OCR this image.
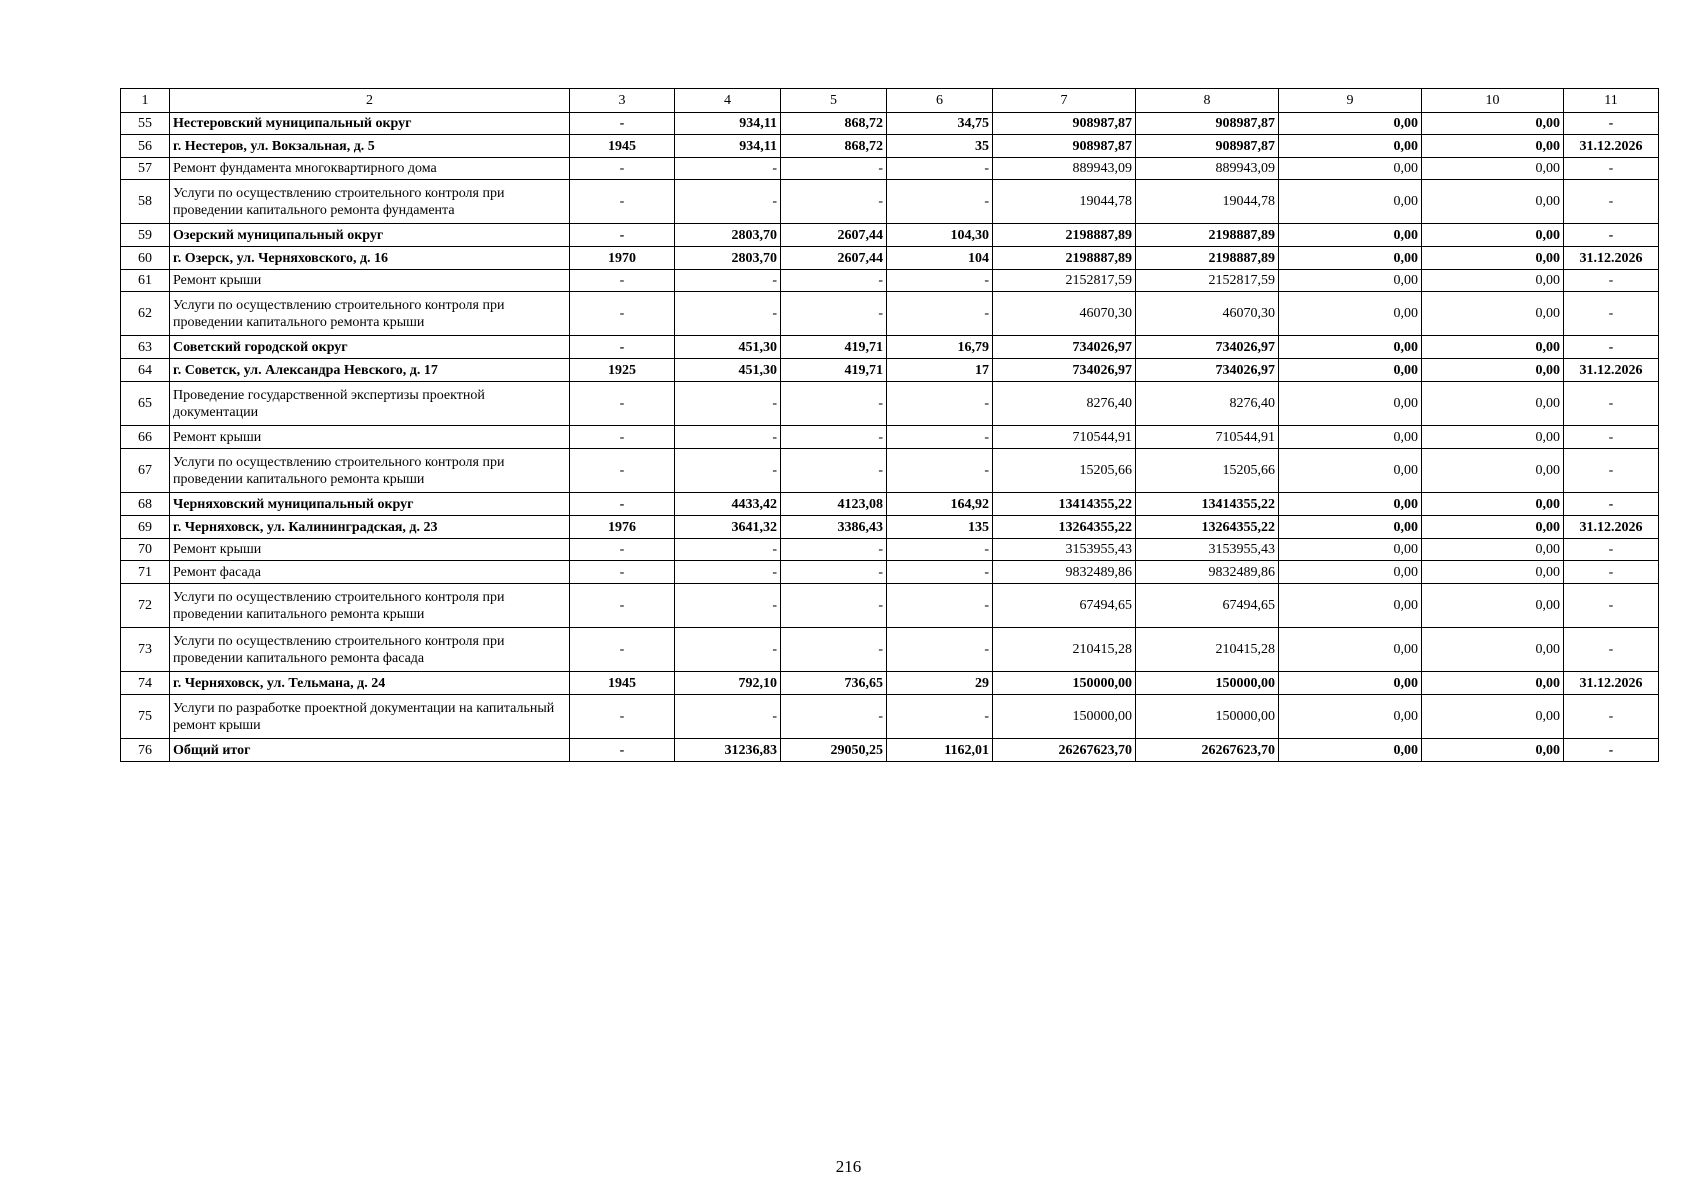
1	2	3	4	5	6	7	8	9	10	11
55	Нестеровский муниципальный округ	-	934,11	868,72	34,75	908987,87	908987,87	0,00	0,00	-
56	г. Нестеров, ул. Вокзальная, д. 5	1945	934,11	868,72	35	908987,87	908987,87	0,00	0,00	31.12.2026
57	Ремонт фундамента многоквартирного дома	-	-	-	-	889943,09	889943,09	0,00	0,00	-
58	Услуги по осуществлению строительного контроля при проведении капитального ремонта фундамента	-	-	-	-	19044,78	19044,78	0,00	0,00	-
59	Озерский муниципальный округ	-	2803,70	2607,44	104,30	2198887,89	2198887,89	0,00	0,00	-
60	г. Озерск, ул. Черняховского, д. 16	1970	2803,70	2607,44	104	2198887,89	2198887,89	0,00	0,00	31.12.2026
61	Ремонт крыши	-	-	-	-	2152817,59	2152817,59	0,00	0,00	-
62	Услуги по осуществлению строительного контроля при проведении капитального ремонта крыши	-	-	-	-	46070,30	46070,30	0,00	0,00	-
63	Советский городской округ	-	451,30	419,71	16,79	734026,97	734026,97	0,00	0,00	-
64	г. Советск, ул. Александра Невского, д. 17	1925	451,30	419,71	17	734026,97	734026,97	0,00	0,00	31.12.2026
65	Проведение государственной экспертизы проектной документации	-	-	-	-	8276,40	8276,40	0,00	0,00	-
66	Ремонт крыши	-	-	-	-	710544,91	710544,91	0,00	0,00	-
67	Услуги по осуществлению строительного контроля при проведении капитального ремонта крыши	-	-	-	-	15205,66	15205,66	0,00	0,00	-
68	Черняховский муниципальный округ	-	4433,42	4123,08	164,92	13414355,22	13414355,22	0,00	0,00	-
69	г. Черняховск, ул. Калининградская, д. 23	1976	3641,32	3386,43	135	13264355,22	13264355,22	0,00	0,00	31.12.2026
70	Ремонт крыши	-	-	-	-	3153955,43	3153955,43	0,00	0,00	-
71	Ремонт фасада	-	-	-	-	9832489,86	9832489,86	0,00	0,00	-
72	Услуги по осуществлению строительного контроля при проведении капитального ремонта крыши	-	-	-	-	67494,65	67494,65	0,00	0,00	-
73	Услуги по осуществлению строительного контроля при проведении капитального ремонта фасада	-	-	-	-	210415,28	210415,28	0,00	0,00	-
74	г. Черняховск, ул. Тельмана, д. 24	1945	792,10	736,65	29	150000,00	150000,00	0,00	0,00	31.12.2026
75	Услуги по разработке проектной документации на капитальный ремонт крыши	-	-	-	-	150000,00	150000,00	0,00	0,00	-
76	Общий итог	-	31236,83	29050,25	1162,01	26267623,70	26267623,70	0,00	0,00	-
216
